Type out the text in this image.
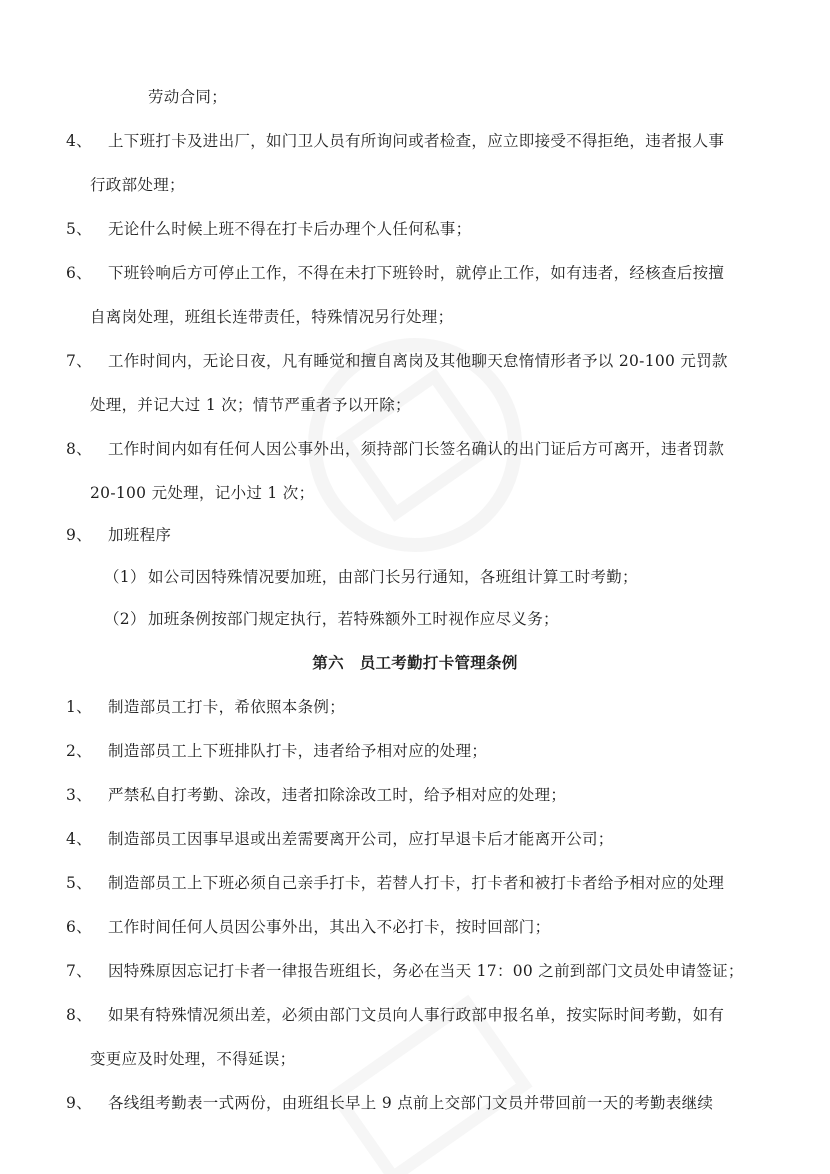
劳动合同；
4、 上下班打卡及进出厂，如门卫人员有所询问或者检查，应立即接受不得拒绝，违者报人事
行政部处理；
5、 无论什么时候上班不得在打卡后办理个人任何私事；
6、 下班铃响后方可停止工作，不得在未打下班铃时，就停止工作，如有违者，经核查后按擅
自离岗处理，班组长连带责任，特殊情况另行处理；
7、 工作时间内，无论日夜，凡有睡觉和擅自离岗及其他聊天怠惰情形者予以 20-100 元罚款
处理，并记大过 1 次；情节严重者予以开除；
8、 工作时间内如有任何人因公事外出，须持部门长签名确认的出门证后方可离开，违者罚款
20-100 元处理，记小过 1 次；
9、 加班程序
（1） 如公司因特殊情况要加班，由部门长另行通知，各班组计算工时考勤；
（2） 加班条例按部门规定执行，若特殊额外工时视作应尽义务；
第六　员工考勤打卡管理条例
1、 制造部员工打卡，希依照本条例；
2、 制造部员工上下班排队打卡，违者给予相对应的处理；
3、 严禁私自打考勤、涂改，违者扣除涂改工时，给予相对应的处理；
4、 制造部员工因事早退或出差需要离开公司，应打早退卡后才能离开公司；
5、 制造部员工上下班必须自己亲手打卡，若替人打卡，打卡者和被打卡者给予相对应的处理
6、 工作时间任何人员因公事外出，其出入不必打卡，按时回部门；
7、 因特殊原因忘记打卡者一律报告班组长，务必在当天 17：00 之前到部门文员处申请签证；
8、 如果有特殊情况须出差，必须由部门文员向人事行政部申报名单，按实际时间考勤，如有
变更应及时处理，不得延误；
9、 各线组考勤表一式两份，由班组长早上 9 点前上交部门文员并带回前一天的考勤表继续
